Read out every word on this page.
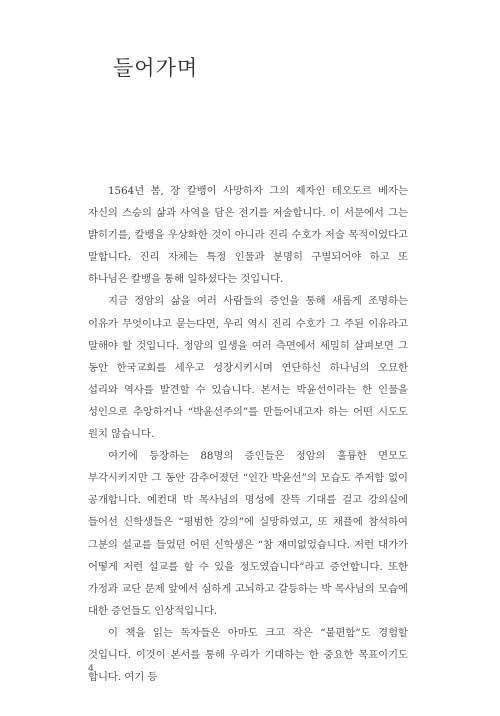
들어가며

1564년 봄, 장 칼뱅이 사망하자 그의 제자인 테오도르 베자는 자신의 스승의 삶과 사역을 담은 전기를 저술합니다. 이 서문에서 그는 밝히기를, 칼뱅을 우상화한 것이 아니라 진리 수호가 저술 목적이었다고 말합니다. 진리 자체는 특정 인물과 분명히 구별되어야 하고 또 하나님은 칼뱅을 통해 일하셨다는 것입니다.

지금 정암의 삶을 여러 사람들의 증언을 통해 새롭게 조명하는 이유가 무엇이냐고 묻는다면, 우리 역시 진리 수호가 그 주된 이유라고 말해야 할 것입니다. 정암의 일생을 여러 측면에서 세밀히 살펴보면 그 동안 한국교회를 세우고 성장시키시며 연단하신 하나님의 오묘한 섭리와 역사를 발견할 수 있습니다. 본서는 박윤선이라는 한 인물을 성인으로 추앙하거나 “박윤선주의”를 만들어내고자 하는 어떤 시도도 원치 않습니다.

여기에 등장하는 88명의 증인들은 정암의 훌륭한 면모도 부각시키지만 그 동안 감추어졌던 “인간 박윤선”의 모습도 주저함 없이 공개합니다. 예컨대 박 목사님의 명성에 잔뜩 기대를 걸고 강의실에 들어선 신학생들은 “평범한 강의”에 실망하였고, 또 채플에 참석하여 그분의 설교를 들었던 어떤 신학생은 “참 재미없었습니다. 저런 대가가 어떻게 저런 설교를 할 수 있을 정도였습니다”라고 증언합니다. 또한 가정과 교단 문제 앞에서 심하게 고뇌하고 갈등하는 박 목사님의 모습에 대한 증언들도 인상적입니다.

이 책을 읽는 독자들은 아마도 크고 작은 “불편함”도 경험할 것입니다. 이것이 본서를 통해 우리가 기대하는 한 중요한 목표이기도 합니다. 여기 등

4
